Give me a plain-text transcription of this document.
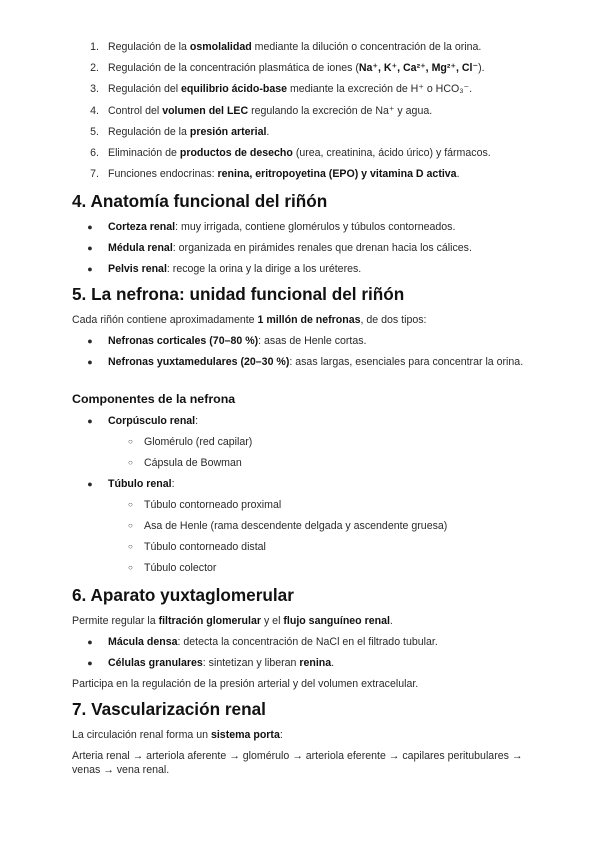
1. Regulación de la osmolalidad mediante la dilución o concentración de la orina.
2. Regulación de la concentración plasmática de iones (Na⁺, K⁺, Ca²⁺, Mg²⁺, Cl⁻).
3. Regulación del equilibrio ácido-base mediante la excreción de H⁺ o HCO₃⁻.
4. Control del volumen del LEC regulando la excreción de Na⁺ y agua.
5. Regulación de la presión arterial.
6. Eliminación de productos de desecho (urea, creatinina, ácido úrico) y fármacos.
7. Funciones endocrinas: renina, eritropoyetina (EPO) y vitamina D activa.
4. Anatomía funcional del riñón
●	Corteza renal: muy irrigada, contiene glomérulos y túbulos contorneados.
●	Médula renal: organizada en pirámides renales que drenan hacia los cálices.
●	Pelvis renal: recoge la orina y la dirige a los uréteres.
5. La nefrona: unidad funcional del riñón

Cada riñón contiene aproximadamente 1 millón de nefronas, de dos tipos:

●	Nefronas corticales (70–80 %): asas de Henle cortas.
●	Nefronas yuxtamedulares (20–30 %): asas largas, esenciales para concentrar la orina.
Componentes de la nefrona
●	Corpúsculo renal:
○	Glomérulo (red capilar)
○	Cápsula de Bowman
●	Túbulo renal:
○	Túbulo contorneado proximal
○	Asa de Henle (rama descendente delgada y ascendente gruesa)
○	Túbulo contorneado distal
○	Túbulo colector
6. Aparato yuxtaglomerular

Permite regular la filtración glomerular y el flujo sanguíneo renal.

●	Mácula densa: detecta la concentración de NaCl en el filtrado tubular.
●	Células granulares: sintetizan y liberan renina.

Participa en la regulación de la presión arterial y del volumen extracelular.

7. Vascularización renal

La circulación renal forma un sistema porta:

Arteria renal → arteriola aferente → glomérulo → arteriola eferente → capilares peritubulares → venas → vena renal.
